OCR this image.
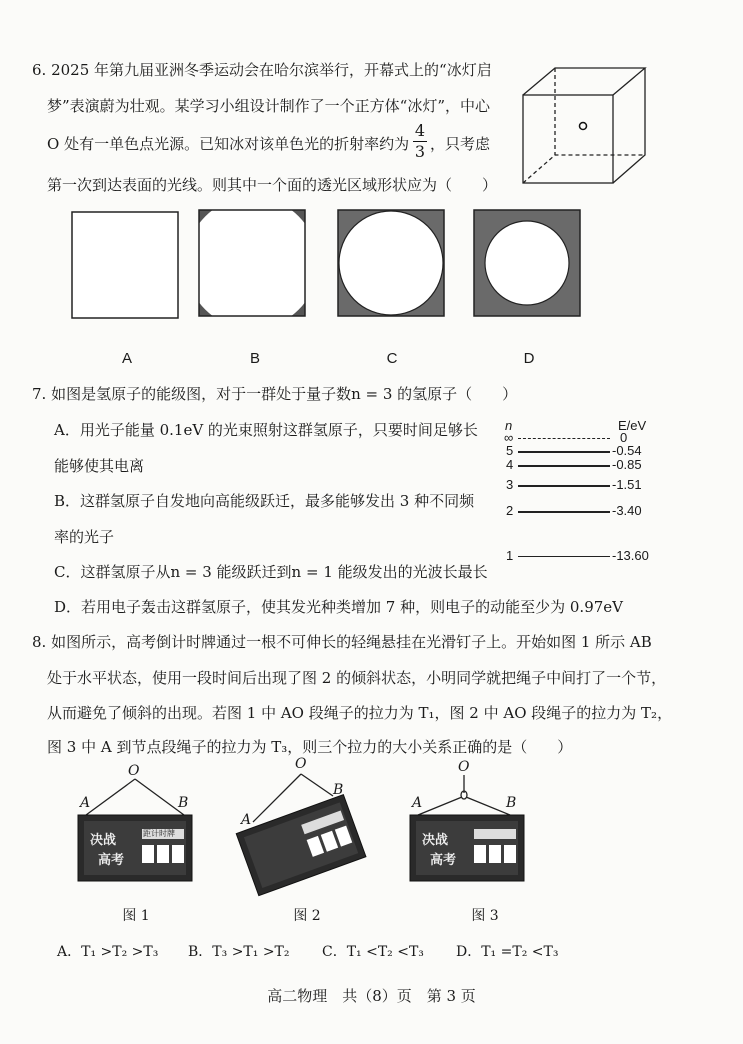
6. 2025 年第九届亚洲冬季运动会在哈尔滨举行，开幕式上的“冰灯启
梦”表演蔚为壮观。某学习小组设计制作了一个正方体“冰灯”，中心
O 处有一单色点光源。已知冰对该单色光的折射率约为
4
3 ，只考虑
第一次到达表面的光线。则其中一个面的透光区域形状应为（　　）
A	B	C	D
7. 如图是氢原子的能级图，对于一群处于量子数n = 3 的氢原子（　　）
A．用光子能量 0.1eV 的光束照射这群氢原子，只要时间足够长
能够使其电离
B．这群氢原子自发地向高能级跃迁，最多能够发出 3 种不同频
率的光子
C．这群氢原子从n = 3 能级跃迁到n = 1 能级发出的光波长最长
D．若用电子轰击这群氢原子，使其发光种类增加 7 种，则电子的动能至少为 0.97eV
n	E/eV
∞	0
5	-0.54
4	-0.85
3	-1.51
2	-3.40
1	-13.60
8. 如图所示，高考倒计时牌通过一根不可伸长的轻绳悬挂在光滑钉子上。开始如图 1 所示 AB
处于水平状态，使用一段时间后出现了图 2 的倾斜状态，小明同学就把绳子中间打了一个节，
从而避免了倾斜的出现。若图 1 中 AO 段绳子的拉力为 T₁，图 2 中 AO 段绳子的拉力为 T₂，
图 3 中 A 到节点段绳子的拉力为 T₃，则三个拉力的大小关系正确的是（　　）
O
A	B
决战
高考
距计时牌
图 1
O
A
B
图 2
O
A	B
决战
高考
图 3
A．T₁ >T₂ >T₃ B．T₃ >T₁ >T₂ C．T₁ <T₂ <T₃ D．T₁ =T₂ <T₃
高二物理　共（8）页　第 3 页
